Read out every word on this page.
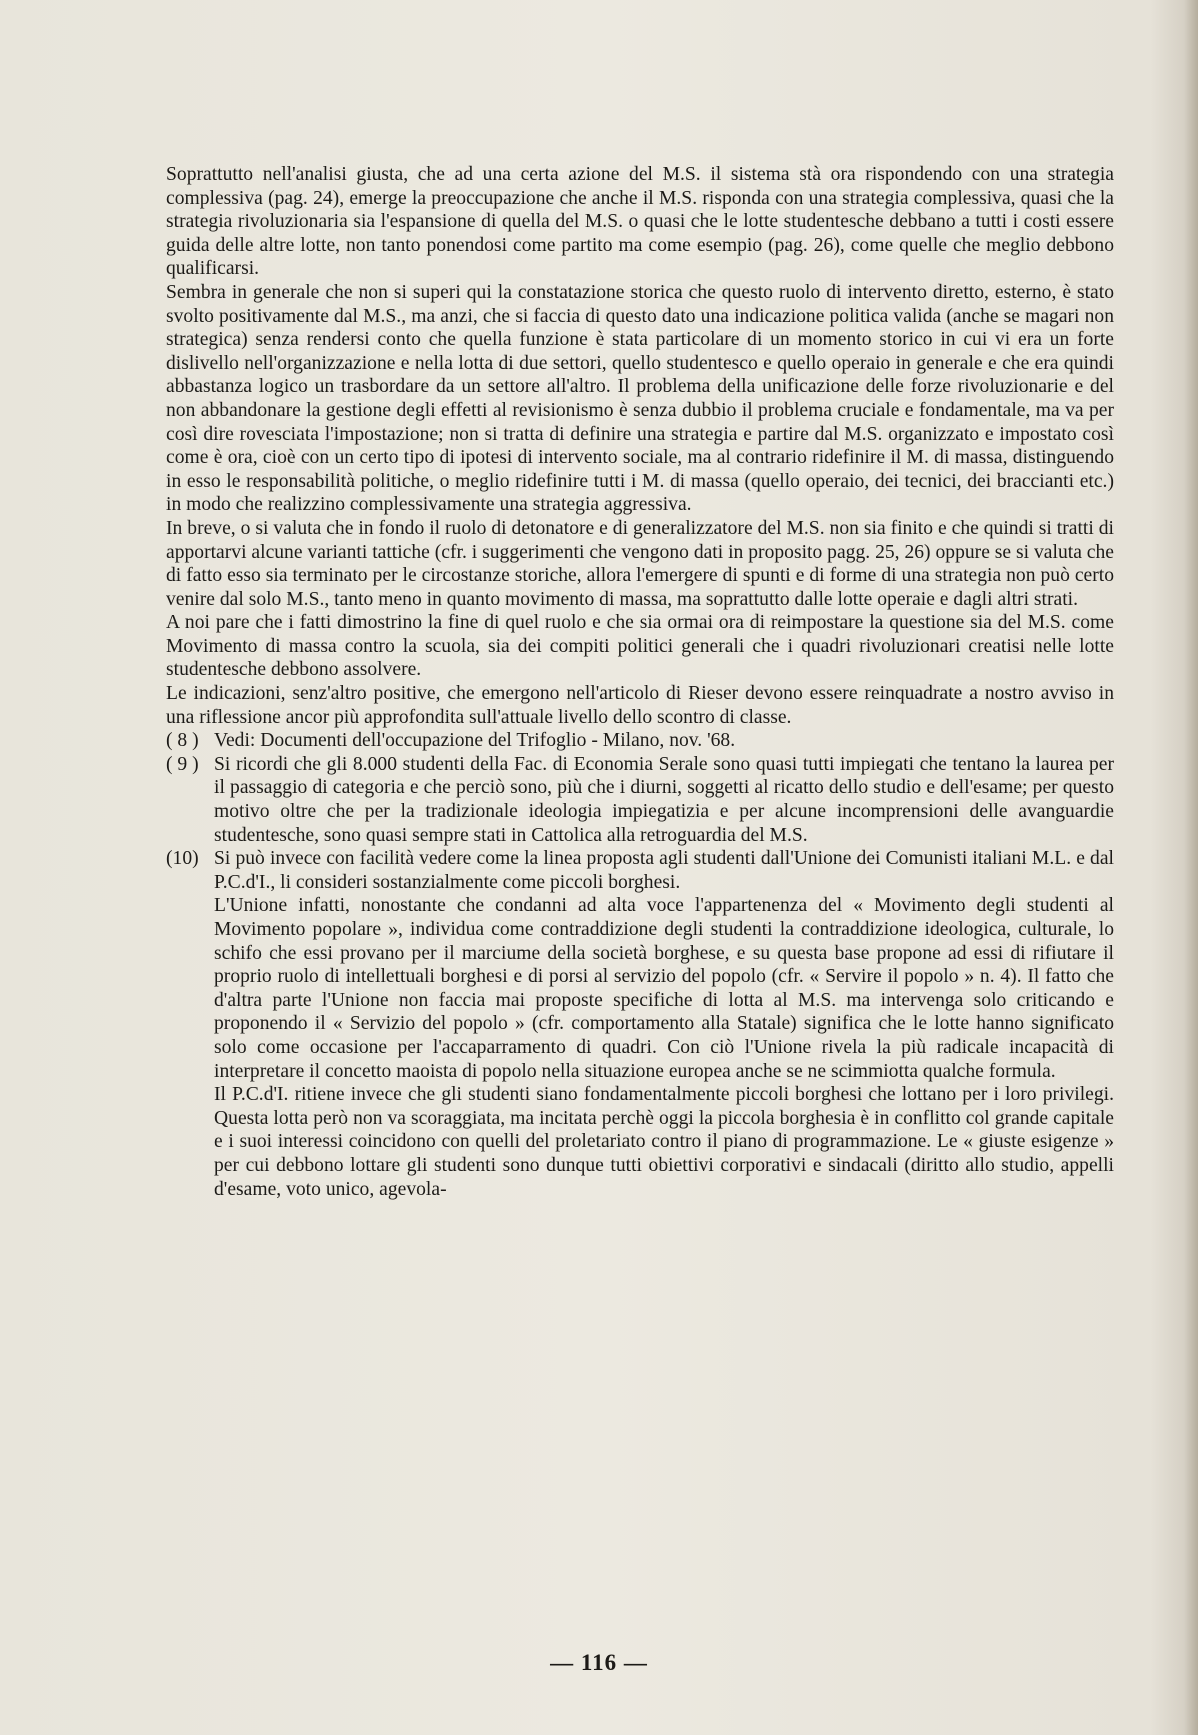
Soprattutto nell'analisi giusta, che ad una certa azione del M.S. il sistema stà ora rispondendo con una strategia complessiva (pag. 24), emerge la preoccupazione che anche il M.S. risponda con una strategia complessiva, quasi che la strategia rivoluzionaria sia l'espansione di quella del M.S. o quasi che le lotte studentesche debbano a tutti i costi essere guida delle altre lotte, non tanto ponendosi come partito ma come esempio (pag. 26), come quelle che meglio debbono qualificarsi.

Sembra in generale che non si superi qui la constatazione storica che questo ruolo di intervento diretto, esterno, è stato svolto positivamente dal M.S., ma anzi, che si faccia di questo dato una indicazione politica valida (anche se magari non strategica) senza rendersi conto che quella funzione è stata particolare di un momento storico in cui vi era un forte dislivello nell'organizzazione e nella lotta di due settori, quello studentesco e quello operaio in generale e che era quindi abbastanza logico un trasbordare da un settore all'altro. Il problema della unificazione delle forze rivoluzionarie e del non abbandonare la gestione degli effetti al revisionismo è senza dubbio il problema cruciale e fondamentale, ma va per così dire rovesciata l'impostazione; non si tratta di definire una strategia e partire dal M.S. organizzato e impostato così come è ora, cioè con un certo tipo di ipotesi di intervento sociale, ma al contrario ridefinire il M. di massa, distinguendo in esso le responsabilità politiche, o meglio ridefinire tutti i M. di massa (quello operaio, dei tecnici, dei braccianti etc.) in modo che realizzino complessivamente una strategia aggressiva.

In breve, o si valuta che in fondo il ruolo di detonatore e di generalizzatore del M.S. non sia finito e che quindi si tratti di apportarvi alcune varianti tattiche (cfr. i suggerimenti che vengono dati in proposito pagg. 25, 26) oppure se si valuta che di fatto esso sia terminato per le circostanze storiche, allora l'emergere di spunti e di forme di una strategia non può certo venire dal solo M.S., tanto meno in quanto movimento di massa, ma soprattutto dalle lotte operaie e dagli altri strati.

A noi pare che i fatti dimostrino la fine di quel ruolo e che sia ormai ora di reimpostare la questione sia del M.S. come Movimento di massa contro la scuola, sia dei compiti politici generali che i quadri rivoluzionari creatisi nelle lotte studentesche debbono assolvere.

Le indicazioni, senz'altro positive, che emergono nell'articolo di Rieser devono essere reinquadrate a nostro avviso in una riflessione ancor più approfondita sull'attuale livello dello scontro di classe.

( 8 ) Vedi: Documenti dell'occupazione del Trifoglio - Milano, nov. '68.

( 9 ) Si ricordi che gli 8.000 studenti della Fac. di Economia Serale sono quasi tutti impiegati che tentano la laurea per il passaggio di categoria e che perciò sono, più che i diurni, soggetti al ricatto dello studio e dell'esame; per questo motivo oltre che per la tradizionale ideologia impiegatizia e per alcune incomprensioni delle avanguardie studentesche, sono quasi sempre stati in Cattolica alla retroguardia del M.S.

(10) Si può invece con facilità vedere come la linea proposta agli studenti dall'Unione dei Comunisti italiani M.L. e dal P.C.d'I., li consideri sostanzialmente come piccoli borghesi.

L'Unione infatti, nonostante che condanni ad alta voce l'appartenenza del « Movimento degli studenti al Movimento popolare », individua come contraddizione degli studenti la contraddizione ideologica, culturale, lo schifo che essi provano per il marciume della società borghese, e su questa base propone ad essi di rifiutare il proprio ruolo di intellettuali borghesi e di porsi al servizio del popolo (cfr. « Servire il popolo » n. 4). Il fatto che d'altra parte l'Unione non faccia mai proposte specifiche di lotta al M.S. ma intervenga solo criticando e proponendo il « Servizio del popolo » (cfr. comportamento alla Statale) significa che le lotte hanno significato solo come occasione per l'accaparramento di quadri. Con ciò l'Unione rivela la più radicale incapacità di interpretare il concetto maoista di popolo nella situazione europea anche se ne scimmiotta qualche formula.

Il P.C.d'I. ritiene invece che gli studenti siano fondamentalmente piccoli borghesi che lottano per i loro privilegi. Questa lotta però non va scoraggiata, ma incitata perchè oggi la piccola borghesia è in conflitto col grande capitale e i suoi interessi coincidono con quelli del proletariato contro il piano di programmazione. Le « giuste esigenze » per cui debbono lottare gli studenti sono dunque tutti obiettivi corporativi e sindacali (diritto allo studio, appelli d'esame, voto unico, agevola-

— 116 —
